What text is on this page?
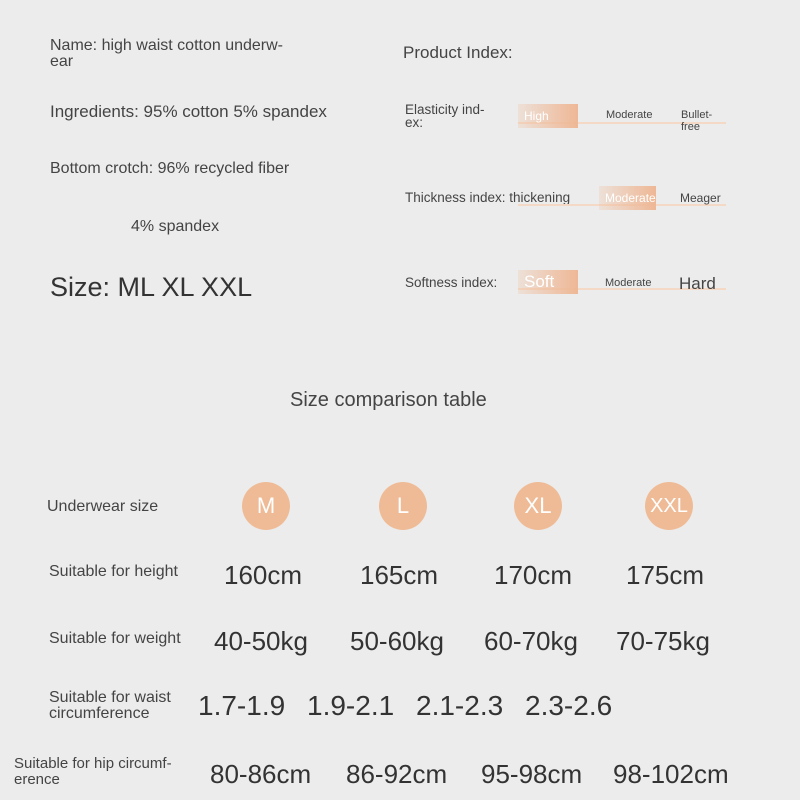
Name: high waist cotton underw-
ear
Ingredients: 95% cotton 5% spandex
Bottom crotch: 96% recycled fiber
4% spandex
Size: ML XL XXL
Product Index:
Elasticity ind-
ex:	High	Moderate	Bullet-free
Thickness index: thickening	Moderate Meager
Softness index:	Soft	Moderate Hard
Size comparison table
Underwear size	M	L	XL	XXL
Suitable for height 160cm 165cm 170cm 175cm
Suitable for weight 40-50kg 50-60kg 60-70kg 70-75kg
Suitable for waist
circumference	1.7-1.9 1.9-2.1 2.1-2.3 2.3-2.6
Suitable for hip circumf-
erence	80-86cm 86-92cm 95-98cm 98-102cm
